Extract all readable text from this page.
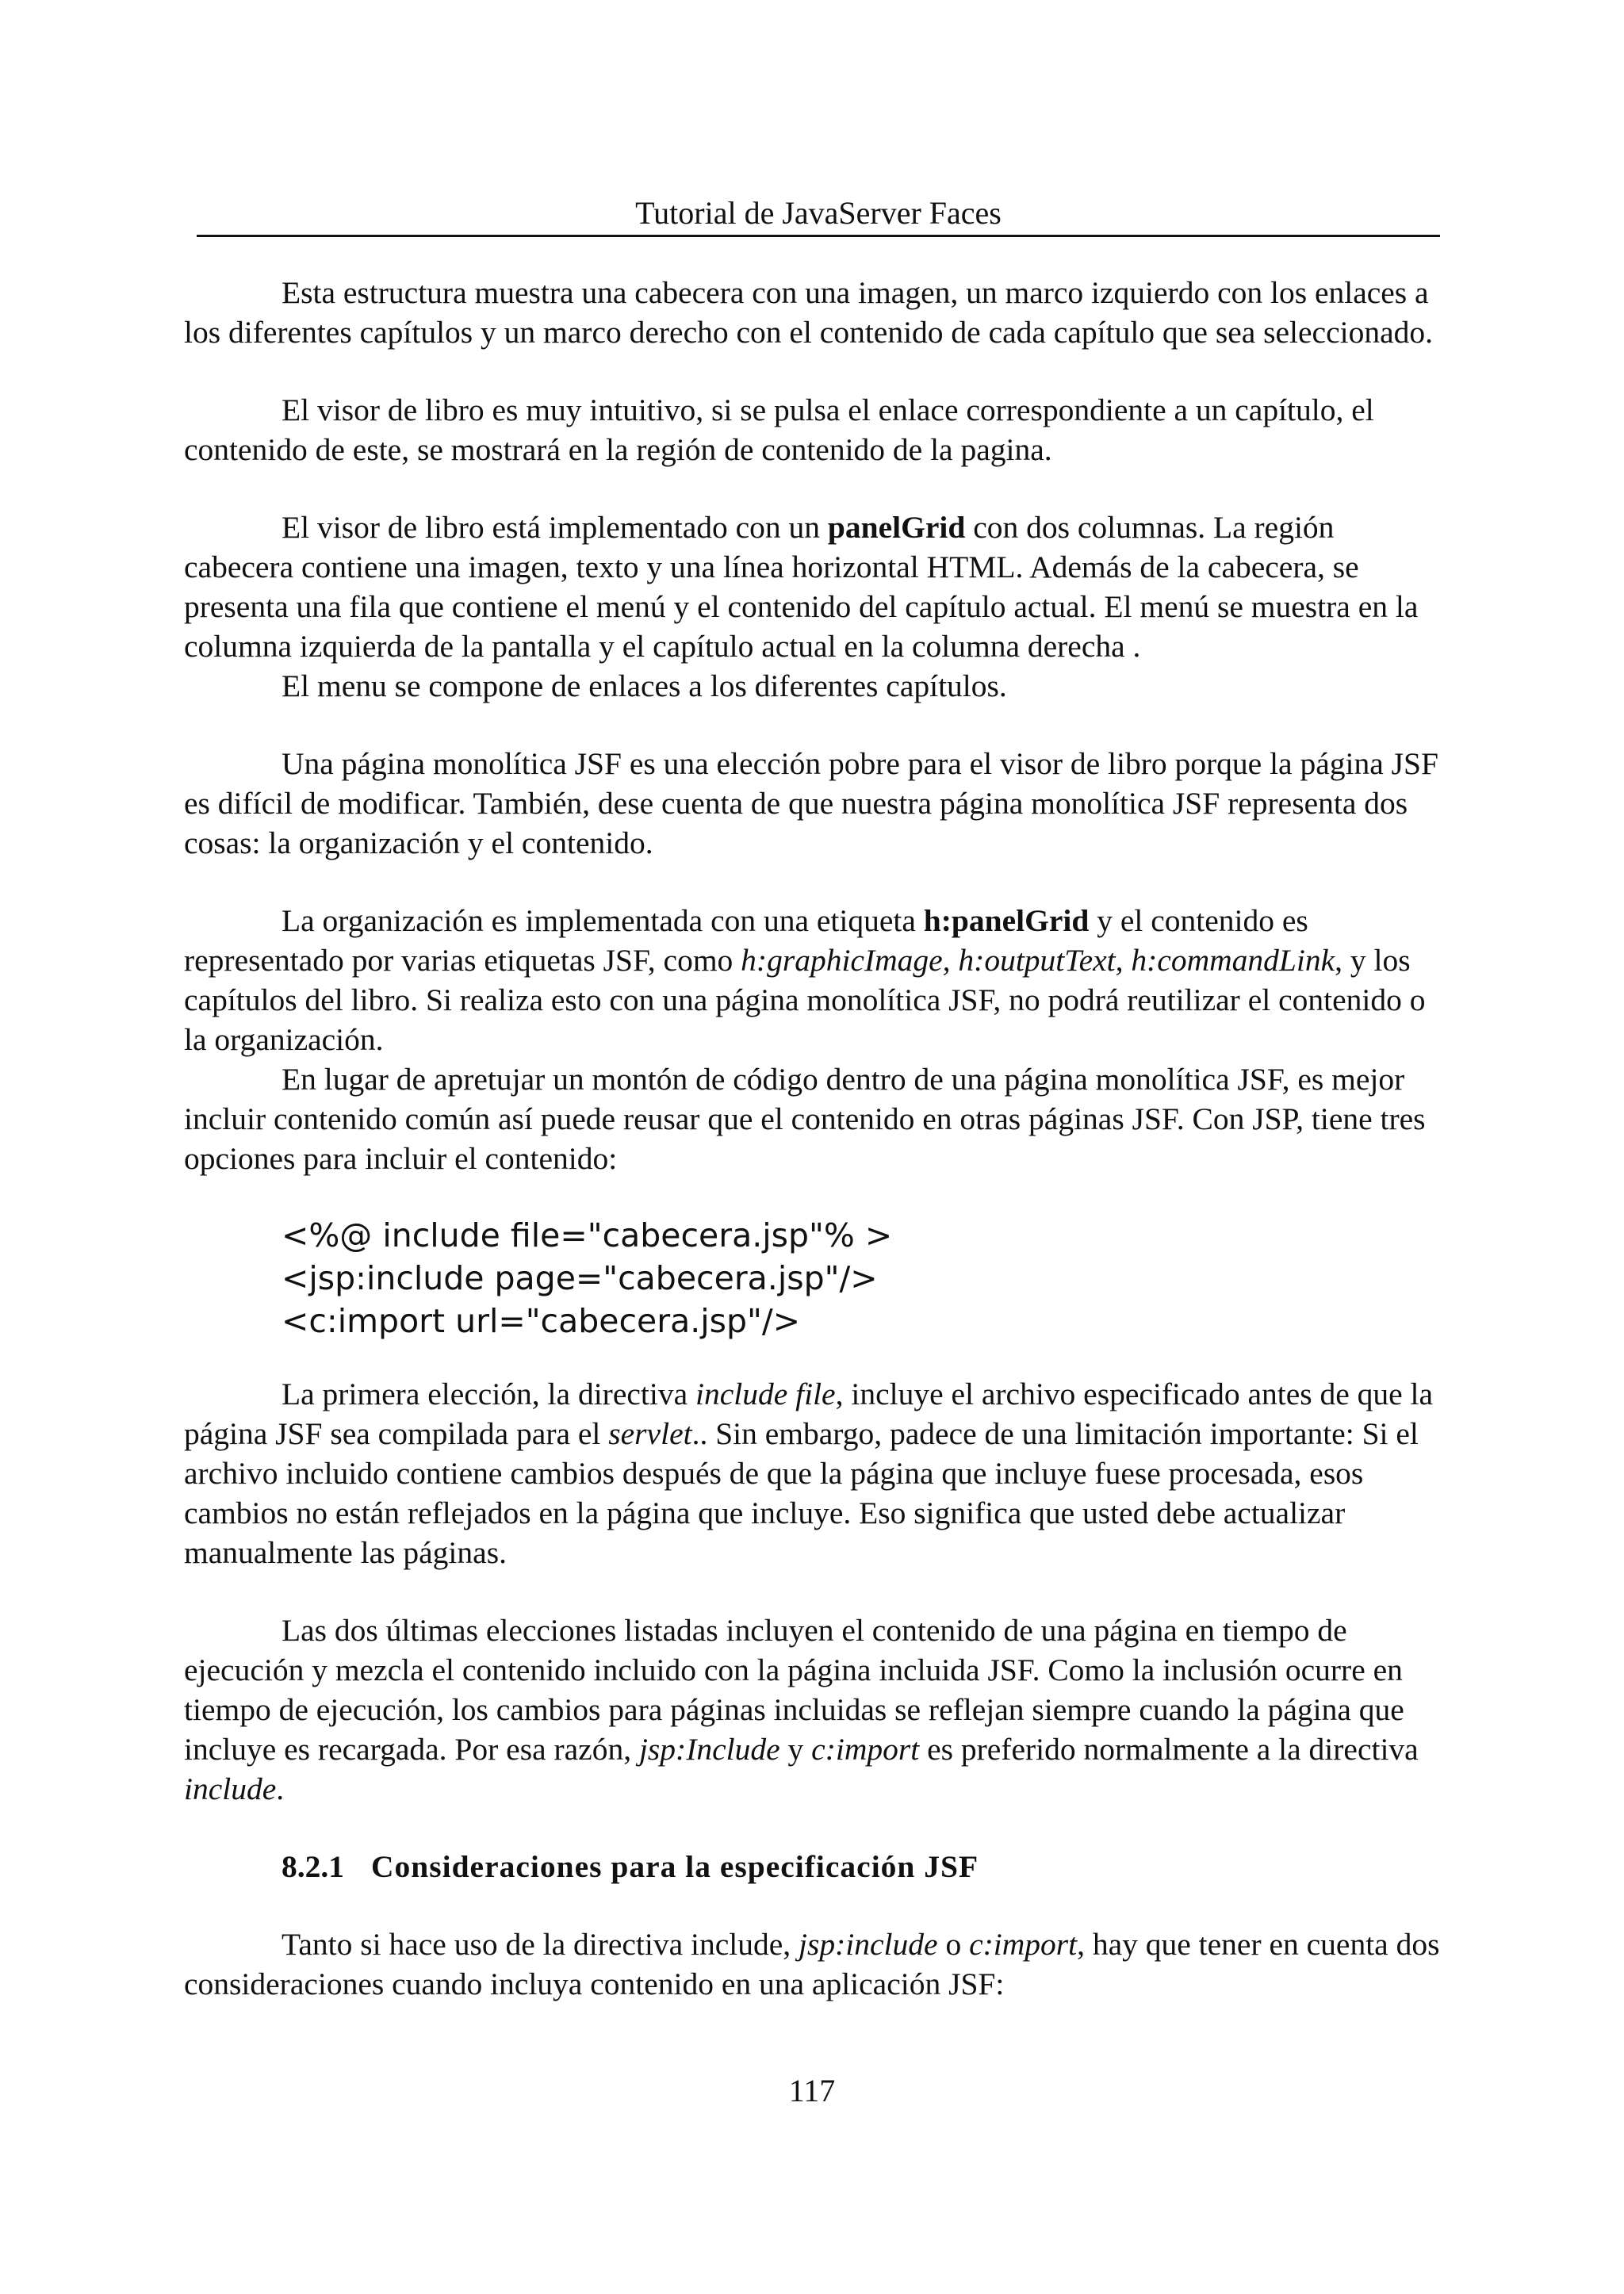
Tutorial de JavaServer Faces

Esta estructura muestra una cabecera con una imagen, un marco izquierdo con los enlaces a los diferentes capítulos y un marco derecho con el contenido de cada capítulo que sea seleccionado.

El visor de libro es muy intuitivo, si se pulsa el enlace correspondiente a un capítulo, el contenido de este, se mostrará en la región de contenido de la pagina.

El visor de libro está implementado con un panelGrid con dos columnas. La región cabecera contiene una imagen, texto y una línea horizontal HTML. Además de la cabecera, se presenta una fila que contiene el menú y el contenido del capítulo actual. El menú se muestra en la columna izquierda de la pantalla y el capítulo actual en la columna derecha .

El menu se compone de enlaces a los diferentes capítulos.

Una página monolítica JSF es una elección pobre para el visor de libro porque la página JSF es difícil de modificar. También, dese cuenta de que nuestra página monolítica JSF representa dos cosas: la organización y el contenido.

La organización es implementada con una etiqueta h:panelGrid y el contenido es representado por varias etiquetas JSF, como h:graphicImage, h:outputText, h:commandLink, y los capítulos del libro. Si realiza esto con una página monolítica JSF, no podrá reutilizar el contenido o la organización.

En lugar de apretujar un montón de código dentro de una página monolítica JSF, es mejor incluir contenido común así puede reusar que el contenido en otras páginas JSF. Con JSP, tiene tres opciones para incluir el contenido:

<%@ include file="cabecera.jsp"% >
<jsp:include page="cabecera.jsp"/>
<c:import url="cabecera.jsp"/>

La primera elección, la directiva include file, incluye el archivo especificado antes de que la página JSF sea compilada para el servlet.. Sin embargo, padece de una limitación importante: Si el archivo incluido contiene cambios después de que la página que incluye fuese procesada, esos cambios no están reflejados en la página que incluye. Eso significa que usted debe actualizar manualmente las páginas.

Las dos últimas elecciones listadas incluyen el contenido de una página en tiempo de ejecución y mezcla el contenido incluido con la página incluida JSF. Como la inclusión ocurre en tiempo de ejecución, los cambios para páginas incluidas se reflejan siempre cuando la página que incluye es recargada. Por esa razón, jsp:Include y c:import es preferido normalmente a la directiva include.

8.2.1 Consideraciones para la especificación JSF

Tanto si hace uso de la directiva include, jsp:include o c:import, hay que tener en cuenta dos consideraciones cuando incluya contenido en una aplicación JSF:

117
